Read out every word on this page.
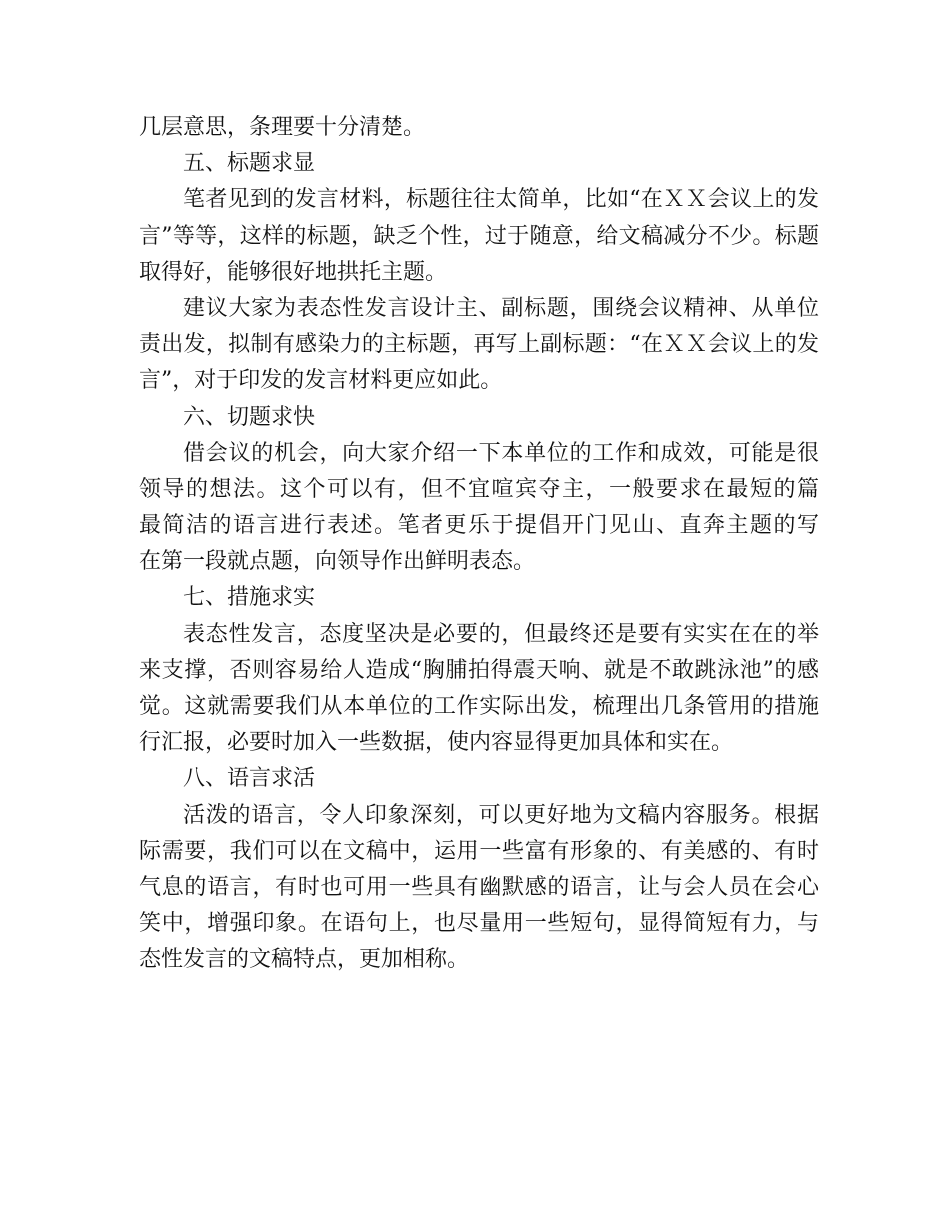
几层意思，条理要十分清楚。
五、标题求显
笔者见到的发言材料，标题往往太简单，比如“在ＸＸ会议上的发
言”等等，这样的标题，缺乏个性，过于随意，给文稿减分不少。标题
取得好，能够很好地拱托主题。
建议大家为表态性发言设计主、副标题，围绕会议精神、从单位
责出发，拟制有感染力的主标题，再写上副标题：“在ＸＸ会议上的发
言”，对于印发的发言材料更应如此。
六、切题求快
借会议的机会，向大家介绍一下本单位的工作和成效，可能是很
领导的想法。这个可以有，但不宜喧宾夺主，一般要求在最短的篇
最简洁的语言进行表述。笔者更乐于提倡开门见山、直奔主题的写
在第一段就点题，向领导作出鲜明表态。
七、措施求实
表态性发言，态度坚决是必要的，但最终还是要有实实在在的举
来支撑，否则容易给人造成“胸脯拍得震天响、就是不敢跳泳池”的感
觉。这就需要我们从本单位的工作实际出发，梳理出几条管用的措施
行汇报，必要时加入一些数据，使内容显得更加具体和实在。
八、语言求活
活泼的语言，令人印象深刻，可以更好地为文稿内容服务。根据
际需要，我们可以在文稿中，运用一些富有形象的、有美感的、有时
气息的语言，有时也可用一些具有幽默感的语言，让与会人员在会心
笑中，增强印象。在语句上，也尽量用一些短句，显得简短有力，与
态性发言的文稿特点，更加相称。
